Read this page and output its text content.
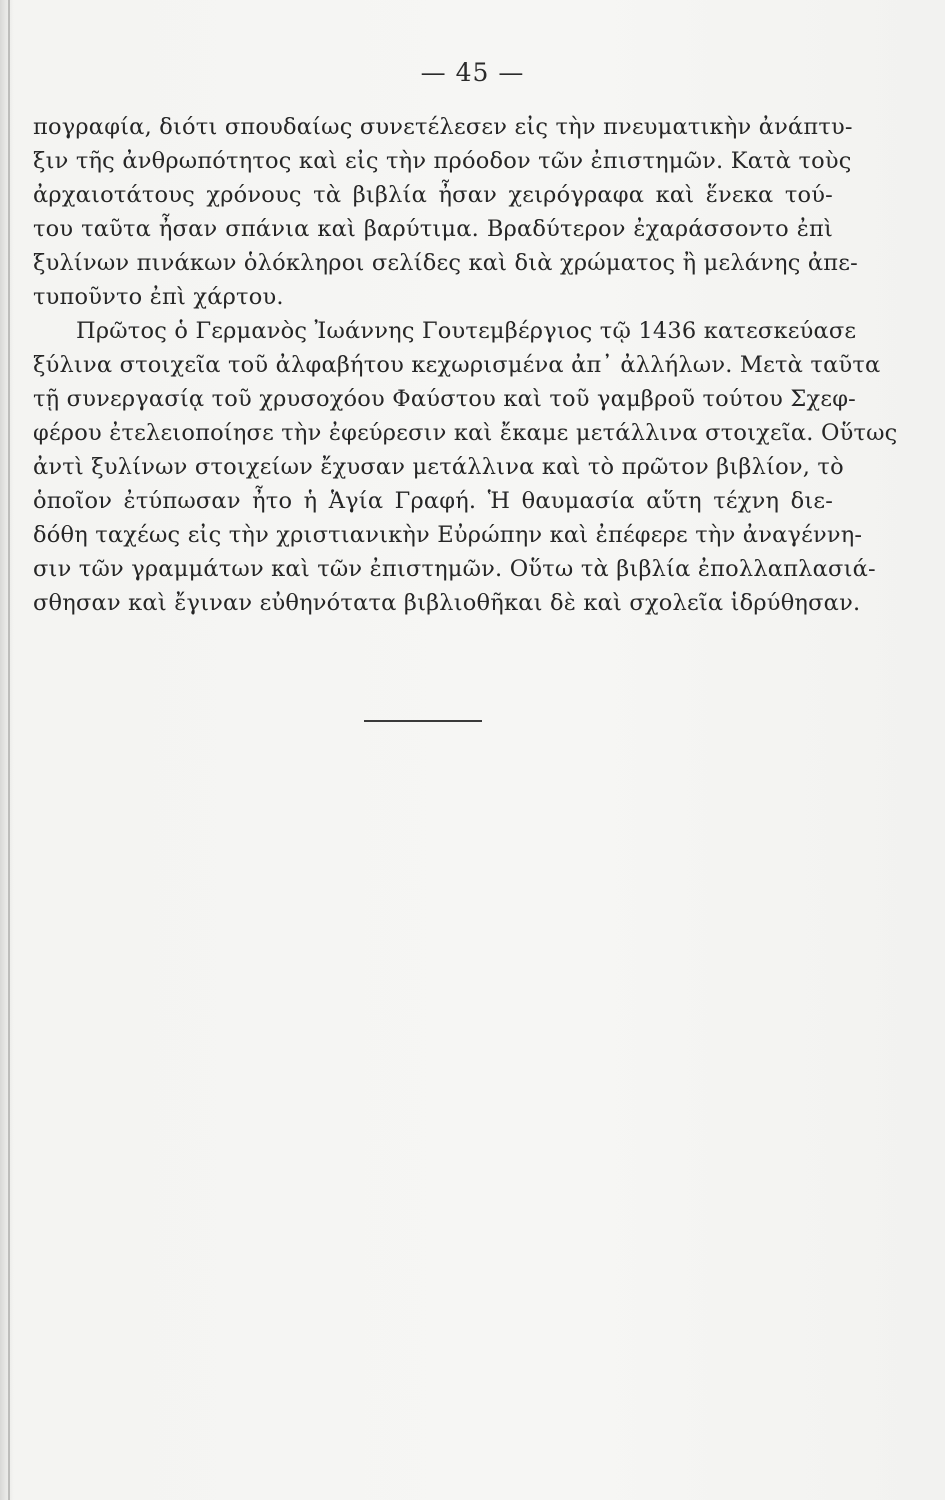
— 45 —
πογραφία, διότι σπουδαίως συνετέλεσεν εἰς τὴν πνευματικὴν ἀνάπτυ-
ξιν τῆς ἀνθρωπότητος καὶ εἰς τὴν πρόοδον τῶν ἐπιστημῶν. Κατὰ τοὺς
ἀρχαιοτάτους χρόνους τὰ βιβλία ἦσαν χειρόγραφα καὶ ἕνεκα τού-
του ταῦτα ἦσαν σπάνια καὶ βαρύτιμα. Βραδύτερον ἐχαράσσοντο ἐπὶ
ξυλίνων πινάκων ὁλόκληροι σελίδες καὶ διὰ χρώματος ἢ μελάνης ἀπε-
τυποῦντο ἐπὶ χάρτου.
Πρῶτος ὁ Γερμανὸς Ἰωάννης Γουτεμβέργιος τῷ 1436 κατεσκεύασε
ξύλινα στοιχεῖα τοῦ ἀλφαβήτου κεχωρισμένα ἀπ᾽ ἀλλήλων. Μετὰ ταῦτα
τῇ συνεργασίᾳ τοῦ χρυσοχόου Φαύστου καὶ τοῦ γαμβροῦ τούτου Σχεφ-
φέρου ἐτελειοποίησε τὴν ἐφεύρεσιν καὶ ἔκαμε μετάλλινα στοιχεῖα. Οὕτως
ἀντὶ ξυλίνων στοιχείων ἔχυσαν μετάλλινα καὶ τὸ πρῶτον βιβλίον, τὸ
ὁποῖον ἐτύπωσαν ἦτο ἡ Ἁγία Γραφή. Ἡ θαυμασία αὕτη τέχνη διε-
δόθη ταχέως εἰς τὴν χριστιανικὴν Εὐρώπην καὶ ἐπέφερε τὴν ἀναγέννη-
σιν τῶν γραμμάτων καὶ τῶν ἐπιστημῶν. Οὕτω τὰ βιβλία ἐπολλαπλασιά-
σθησαν καὶ ἔγιναν εὐθηνότατα βιβλιοθῆκαι δὲ καὶ σχολεῖα ἱδρύθησαν.
